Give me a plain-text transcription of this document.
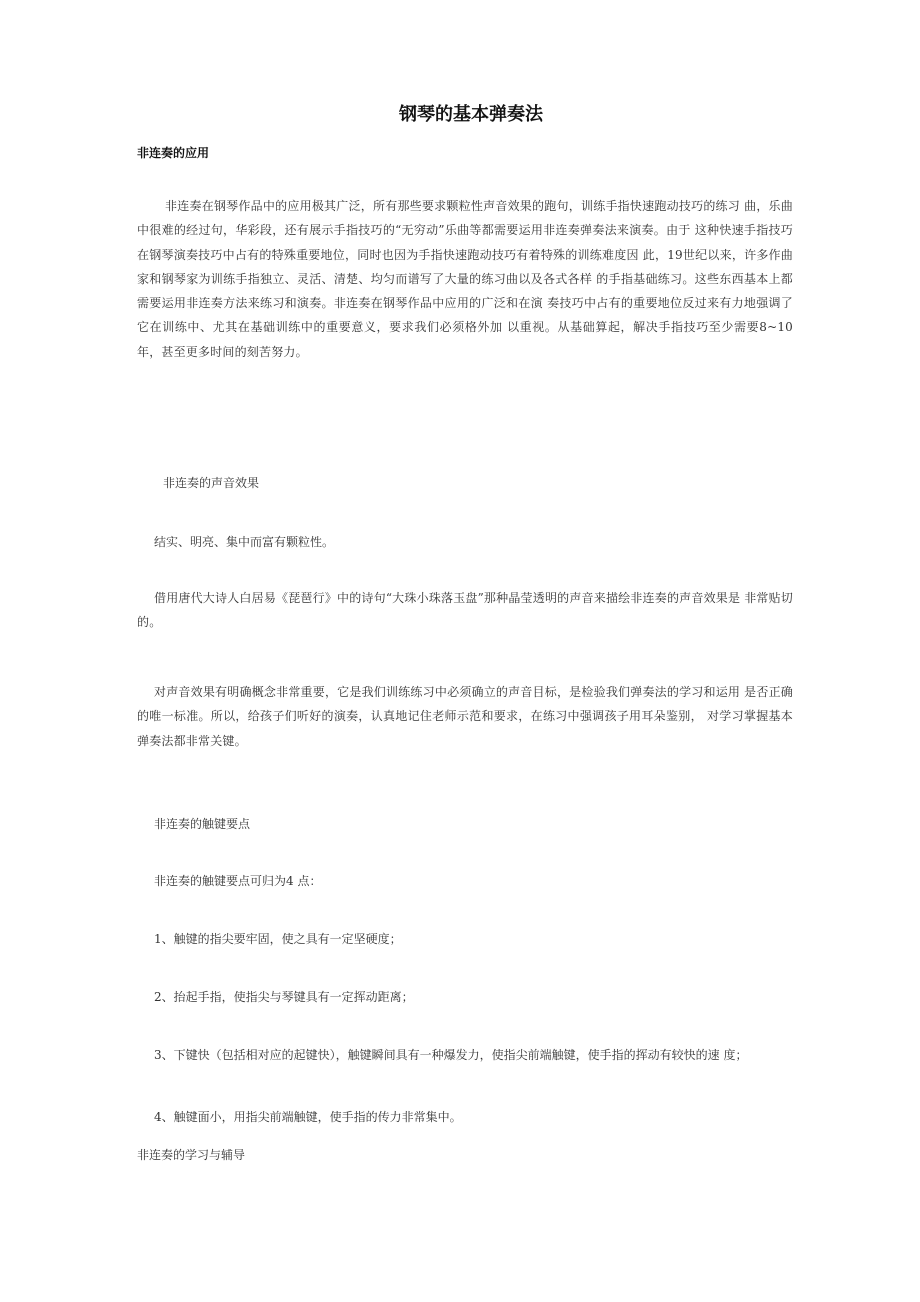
钢琴的基本弹奏法
非连奏的应用
非连奏在钢琴作品中的应用极其广泛，所有那些要求颗粒性声音效果的跑句，训练手指快速跑动技巧的练习 曲，乐曲中很难的经过句，华彩段，还有展示手指技巧的“无穷动”乐曲等都需要运用非连奏弹奏法来演奏。由于 这种快速手指技巧在钢琴演奏技巧中占有的特殊重要地位，同时也因为手指快速跑动技巧有着特殊的训练难度因 此，19世纪以来，许多作曲家和钢琴家为训练手指独立、灵活、清楚、均匀而谱写了大量的练习曲以及各式各样 的手指基础练习。这些东西基本上都需要运用非连奏方法来练习和演奏。非连奏在钢琴作品中应用的广泛和在演 奏技巧中占有的重要地位反过来有力地强调了它在训练中、尤其在基础训练中的重要意义，要求我们必须格外加 以重视。从基础算起，解决手指技巧至少需要8~10年，甚至更多时间的刻苦努力。
非连奏的声音效果
结实、明亮、集中而富有颗粒性。
借用唐代大诗人白居易《琵琶行》中的诗句“大珠小珠落玉盘”那种晶莹透明的声音来描绘非连奏的声音效果是 非常贴切的。
对声音效果有明确概念非常重要，它是我们训练练习中必须确立的声音目标，是检验我们弹奏法的学习和运用 是否正确的唯一标准。所以，给孩子们听好的演奏，认真地记住老师示范和要求，在练习中强调孩子用耳朵鉴别， 对学习掌握基本弹奏法都非常关键。
非连奏的触键要点
非连奏的触键要点可归为4 点：
1、触键的指尖要牢固，使之具有一定坚硬度；
2、抬起手指，使指尖与琴键具有一定挥动距离；
3、下键快（包括相对应的起键快），触键瞬间具有一种爆发力，使指尖前端触键，使手指的挥动有较快的速 度；
4、触键面小，用指尖前端触键，使手指的传力非常集中。
非连奏的学习与辅导
